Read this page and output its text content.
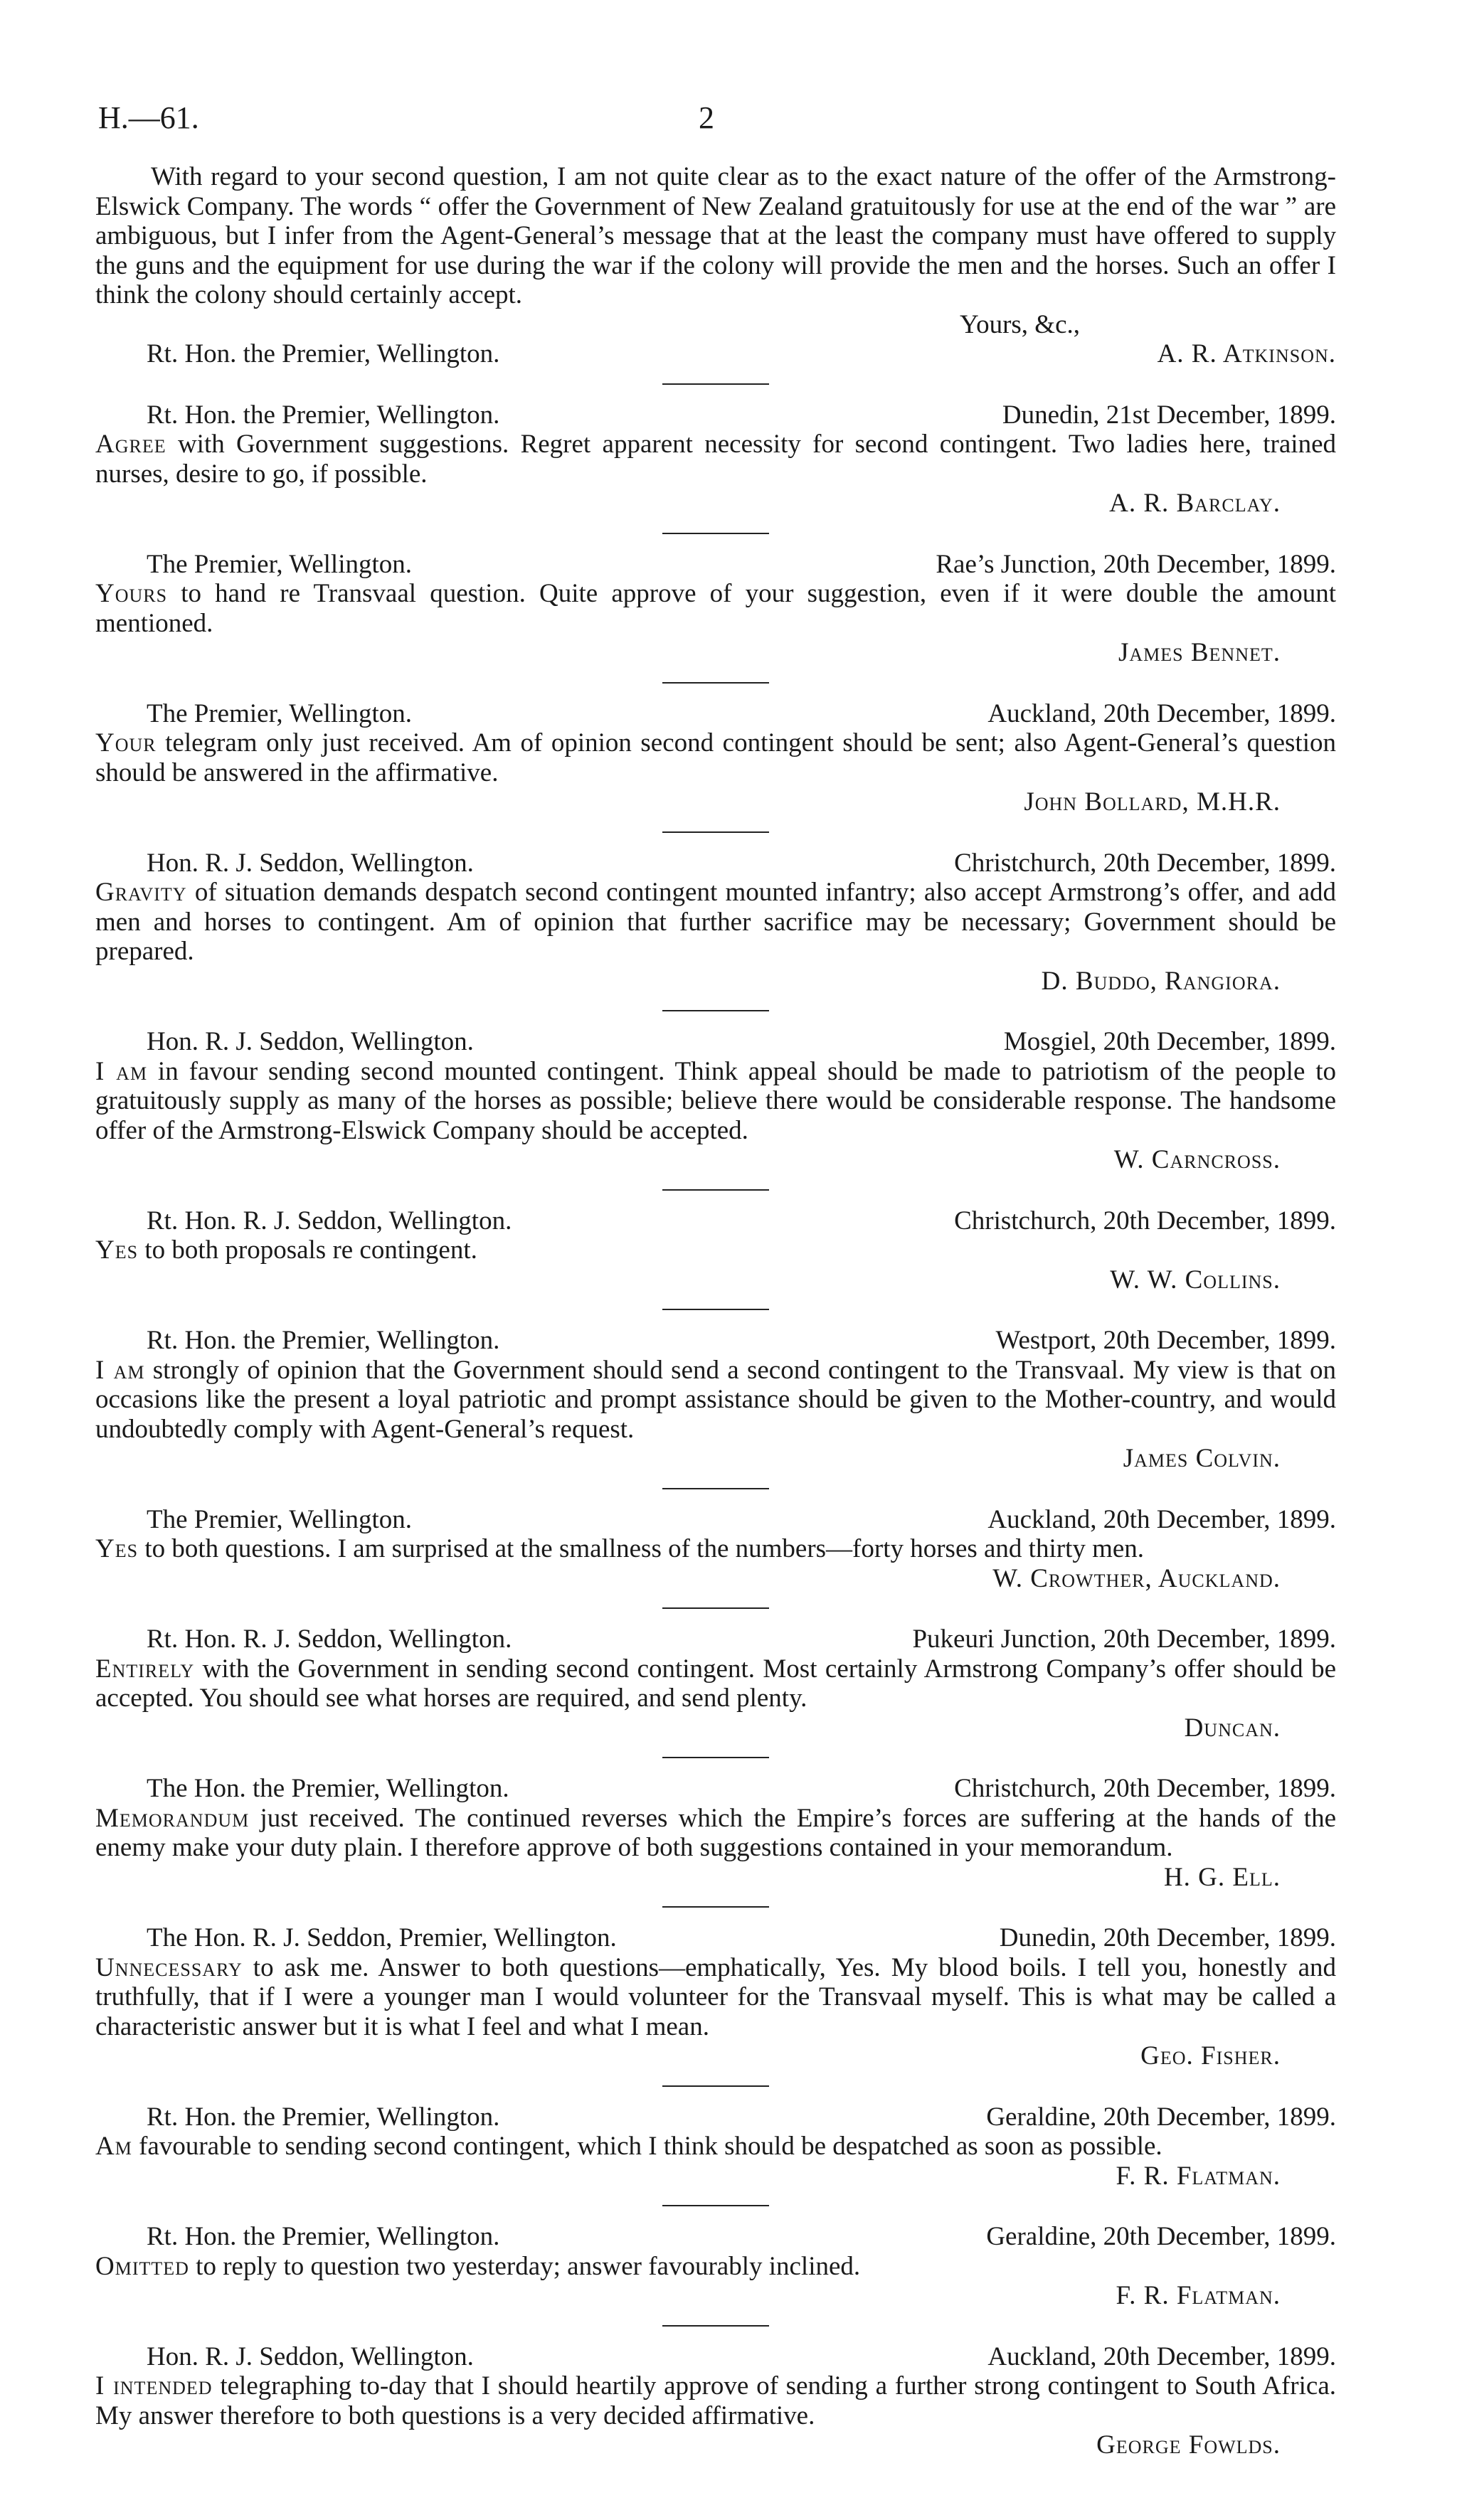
H.—61.	2

With regard to your second question, I am not quite clear as to the exact nature of the offer of the Armstrong-Elswick Company. The words “ offer the Government of New Zealand gratuitously for use at the end of the war ” are ambiguous, but I infer from the Agent-General’s message that at the least the company must have offered to supply the guns and the equipment for use during the war if the colony will provide the men and the horses. Such an offer I think the colony should certainly accept.

Yours, &c.,
Rt. Hon. the Premier, Wellington.	A. R. Atkinson.
Rt. Hon. the Premier, Wellington.	Dunedin, 21st December, 1899.

Agree with Government suggestions. Regret apparent necessity for second contingent. Two ladies here, trained nurses, desire to go, if possible.

A. R. Barclay.
The Premier, Wellington.	Rae’s Junction, 20th December, 1899.

Yours to hand re Transvaal question. Quite approve of your suggestion, even if it were double the amount mentioned.

James Bennet.
The Premier, Wellington.	Auckland, 20th December, 1899.

Your telegram only just received. Am of opinion second contingent should be sent; also Agent-General’s question should be answered in the affirmative.

John Bollard, M.H.R.
Hon. R. J. Seddon, Wellington.	Christchurch, 20th December, 1899.

Gravity of situation demands despatch second contingent mounted infantry; also accept Armstrong’s offer, and add men and horses to contingent. Am of opinion that further sacrifice may be necessary; Government should be prepared.

D. Buddo, Rangiora.
Hon. R. J. Seddon, Wellington.	Mosgiel, 20th December, 1899.

I am in favour sending second mounted contingent. Think appeal should be made to patriotism of the people to gratuitously supply as many of the horses as possible; believe there would be considerable response. The handsome offer of the Armstrong-Elswick Company should be accepted.

W. Carncross.
Rt. Hon. R. J. Seddon, Wellington.	Christchurch, 20th December, 1899.

Yes to both proposals re contingent.

W. W. Collins.
Rt. Hon. the Premier, Wellington.	Westport, 20th December, 1899.

I am strongly of opinion that the Government should send a second contingent to the Transvaal. My view is that on occasions like the present a loyal patriotic and prompt assistance should be given to the Mother-country, and would undoubtedly comply with Agent-General’s request.

James Colvin.
The Premier, Wellington.	Auckland, 20th December, 1899.

Yes to both questions. I am surprised at the smallness of the numbers—forty horses and thirty men.

W. Crowther, Auckland.
Rt. Hon. R. J. Seddon, Wellington.	Pukeuri Junction, 20th December, 1899.

Entirely with the Government in sending second contingent. Most certainly Armstrong Company’s offer should be accepted. You should see what horses are required, and send plenty.

Duncan.
The Hon. the Premier, Wellington.	Christchurch, 20th December, 1899.

Memorandum just received. The continued reverses which the Empire’s forces are suffering at the hands of the enemy make your duty plain. I therefore approve of both suggestions contained in your memorandum.

H. G. Ell.
The Hon. R. J. Seddon, Premier, Wellington.	Dunedin, 20th December, 1899.

Unnecessary to ask me. Answer to both questions—emphatically, Yes. My blood boils. I tell you, honestly and truthfully, that if I were a younger man I would volunteer for the Transvaal myself. This is what may be called a characteristic answer but it is what I feel and what I mean.

Geo. Fisher.
Rt. Hon. the Premier, Wellington.	Geraldine, 20th December, 1899.

Am favourable to sending second contingent, which I think should be despatched as soon as possible.

F. R. Flatman.
Rt. Hon. the Premier, Wellington.	Geraldine, 20th December, 1899.

Omitted to reply to question two yesterday; answer favourably inclined.

F. R. Flatman.
Hon. R. J. Seddon, Wellington.	Auckland, 20th December, 1899.

I intended telegraphing to-day that I should heartily approve of sending a further strong contingent to South Africa. My answer therefore to both questions is a very decided affirmative.

George Fowlds.
